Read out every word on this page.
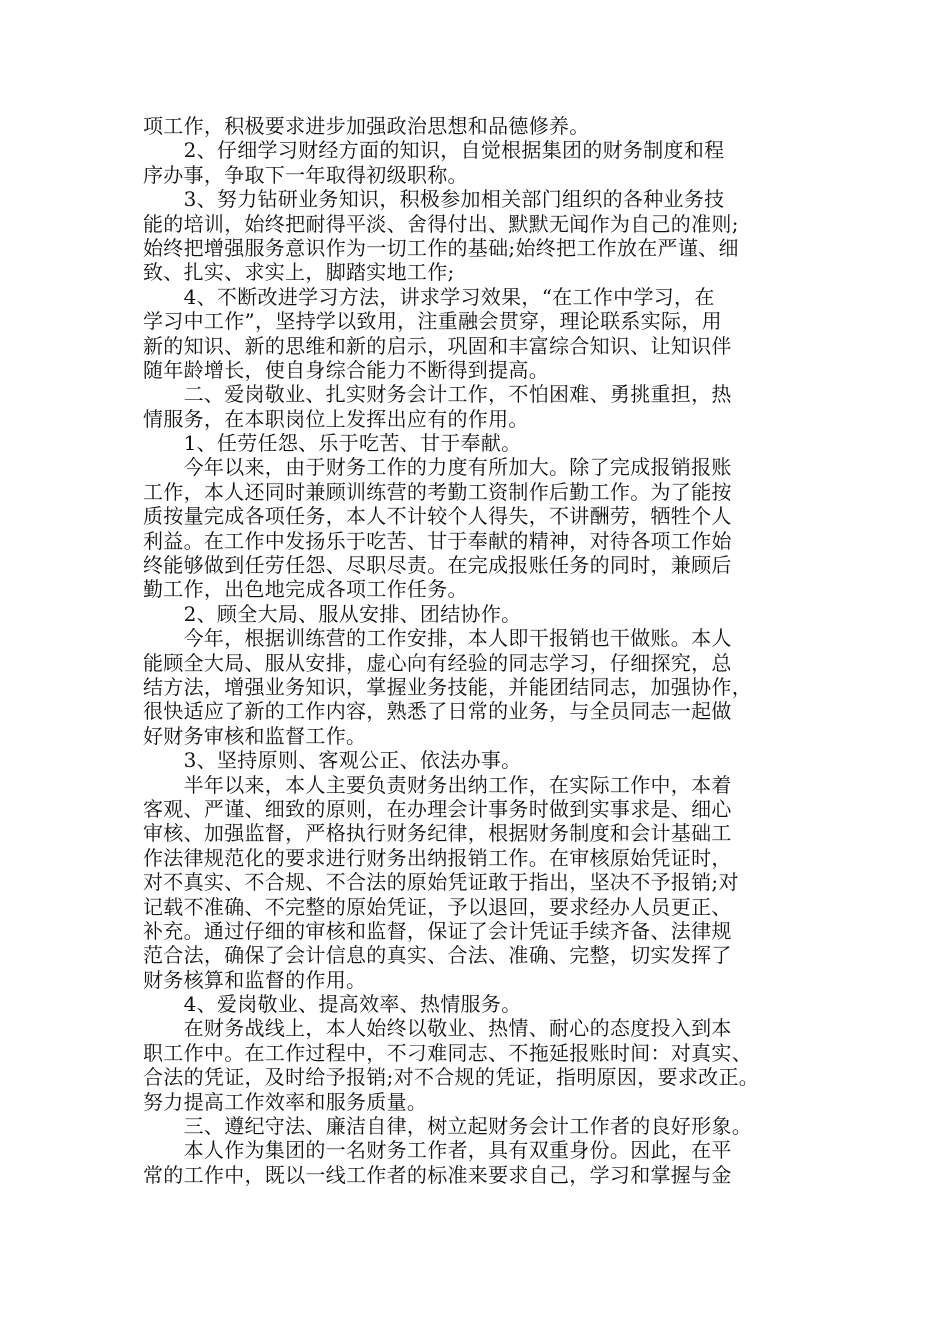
项工作，积极要求进步加强政治思想和品德修养。
　　2、仔细学习财经方面的知识，自觉根据集团的财务制度和程
序办事，争取下一年取得初级职称。
　　3、努力钻研业务知识，积极参加相关部门组织的各种业务技
能的培训，始终把耐得平淡、舍得付出、默默无闻作为自己的准则;
始终把增强服务意识作为一切工作的基础;始终把工作放在严谨、细
致、扎实、求实上，脚踏实地工作;
　　4、不断改进学习方法，讲求学习效果，“在工作中学习，在
学习中工作”，坚持学以致用，注重融会贯穿，理论联系实际，用
新的知识、新的思维和新的启示，巩固和丰富综合知识、让知识伴
随年龄增长，使自身综合能力不断得到提高。
　　二、爱岗敬业、扎实财务会计工作，不怕困难、勇挑重担，热
情服务，在本职岗位上发挥出应有的作用。
　　1、任劳任怨、乐于吃苦、甘于奉献。
　　今年以来，由于财务工作的力度有所加大。除了完成报销报账
工作，本人还同时兼顾训练营的考勤工资制作后勤工作。为了能按
质按量完成各项任务，本人不计较个人得失，不讲酬劳，牺牲个人
利益。在工作中发扬乐于吃苦、甘于奉献的精神，对待各项工作始
终能够做到任劳任怨、尽职尽责。在完成报账任务的同时，兼顾后
勤工作，出色地完成各项工作任务。
　　2、顾全大局、服从安排、团结协作。
　　今年，根据训练营的工作安排，本人即干报销也干做账。本人
能顾全大局、服从安排，虚心向有经验的同志学习，仔细探究，总
结方法，增强业务知识，掌握业务技能，并能团结同志，加强协作，
很快适应了新的工作内容，熟悉了日常的业务，与全员同志一起做
好财务审核和监督工作。
　　3、坚持原则、客观公正、依法办事。
　　半年以来，本人主要负责财务出纳工作，在实际工作中，本着
客观、严谨、细致的原则，在办理会计事务时做到实事求是、细心
审核、加强监督，严格执行财务纪律，根据财务制度和会计基础工
作法律规范化的要求进行财务出纳报销工作。在审核原始凭证时，
对不真实、不合规、不合法的原始凭证敢于指出，坚决不予报销;对
记载不准确、不完整的原始凭证，予以退回，要求经办人员更正、
补充。通过仔细的审核和监督，保证了会计凭证手续齐备、法律规
范合法，确保了会计信息的真实、合法、准确、完整，切实发挥了
财务核算和监督的作用。
　　4、爱岗敬业、提高效率、热情服务。
　　在财务战线上，本人始终以敬业、热情、耐心的态度投入到本
职工作中。在工作过程中，不刁难同志、不拖延报账时间：对真实、
合法的凭证，及时给予报销;对不合规的凭证，指明原因，要求改正。
努力提高工作效率和服务质量。
　　三、遵纪守法、廉洁自律，树立起财务会计工作者的良好形象。
　　本人作为集团的一名财务工作者，具有双重身份。因此，在平
常的工作中，既以一线工作者的标准来要求自己，学习和掌握与金
